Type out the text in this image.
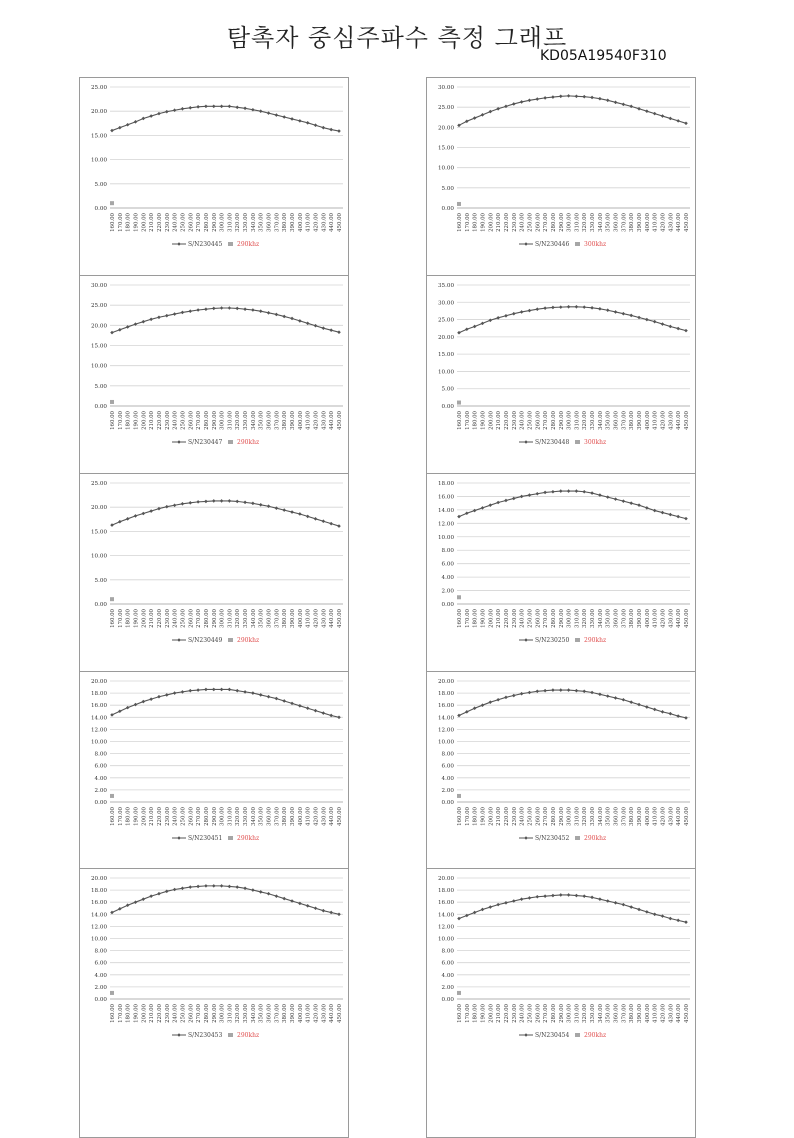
탐촉자 중심주파수 측정 그래프
KD05A19540F310
0.00
5.00
10.00
15.00
20.00
25.00
160.00 170.00 180.00 190.00 200.00 210.00 220.00 230.00 240.00 250.00 260.00 270.00 280.00 290.00 300.00 310.00 320.00 330.00 340.00 350.00 360.00 370.00 380.00 390.00 400.00 410.00 420.00 430.00 440.00 450.00
S/N230445 290khz
0.00
5.00
10.00
15.00
20.00
25.00
30.00
160.00 170.00 180.00 190.00 200.00 210.00 220.00 230.00 240.00 250.00 260.00 270.00 280.00 290.00 300.00 310.00 320.00 330.00 340.00 350.00 360.00 370.00 380.00 390.00 400.00 410.00 420.00 430.00 440.00 450.00
S/N230446 300khz
0.00
5.00
10.00
15.00
20.00
25.00
30.00
160.00 170.00 180.00 190.00 200.00 210.00 220.00 230.00 240.00 250.00 260.00 270.00 280.00 290.00 300.00 310.00 320.00 330.00 340.00 350.00 360.00 370.00 380.00 390.00 400.00 410.00 420.00 430.00 440.00 450.00
S/N230447 290khz
0.00
5.00
10.00
15.00
20.00
25.00
30.00
35.00
160.00 170.00 180.00 190.00 200.00 210.00 220.00 230.00 240.00 250.00 260.00 270.00 280.00 290.00 300.00 310.00 320.00 330.00 340.00 350.00 360.00 370.00 380.00 390.00 400.00 410.00 420.00 430.00 440.00 450.00
S/N230448 300khz
0.00
5.00
10.00
15.00
20.00
25.00
160.00 170.00 180.00 190.00 200.00 210.00 220.00 230.00 240.00 250.00 260.00 270.00 280.00 290.00 300.00 310.00 320.00 330.00 340.00 350.00 360.00 370.00 380.00 390.00 400.00 410.00 420.00 430.00 440.00 450.00
S/N230449 290khz
0.00
2.00
4.00
6.00
8.00
10.00
12.00
14.00
16.00
18.00
160.00 170.00 180.00 190.00 200.00 210.00 220.00 230.00 240.00 250.00 260.00 270.00 280.00 290.00 300.00 310.00 320.00 330.00 340.00 350.00 360.00 370.00 380.00 390.00 400.00 410.00 420.00 430.00 440.00 450.00
S/N230250 290khz
0.00
2.00
4.00
6.00
8.00
10.00
12.00
14.00
16.00
18.00
20.00
160.00 170.00 180.00 190.00 200.00 210.00 220.00 230.00 240.00 250.00 260.00 270.00 280.00 290.00 300.00 310.00 320.00 330.00 340.00 350.00 360.00 370.00 380.00 390.00 400.00 410.00 420.00 430.00 440.00 450.00
S/N230451 290khz
0.00
2.00
4.00
6.00
8.00
10.00
12.00
14.00
16.00
18.00
20.00
160.00 170.00 180.00 190.00 200.00 210.00 220.00 230.00 240.00 250.00 260.00 270.00 280.00 290.00 300.00 310.00 320.00 330.00 340.00 350.00 360.00 370.00 380.00 390.00 400.00 410.00 420.00 430.00 440.00 450.00
S/N230452 290khz
0.00
2.00
4.00
6.00
8.00
10.00
12.00
14.00
16.00
18.00
20.00
160.00 170.00 180.00 190.00 200.00 210.00 220.00 230.00 240.00 250.00 260.00 270.00 280.00 290.00 300.00 310.00 320.00 330.00 340.00 350.00 360.00 370.00 380.00 390.00 400.00 410.00 420.00 430.00 440.00 450.00
S/N230453 290khz
0.00
2.00
4.00
6.00
8.00
10.00
12.00
14.00
16.00
18.00
20.00
160.00 170.00 180.00 190.00 200.00 210.00 220.00 230.00 240.00 250.00 260.00 270.00 280.00 290.00 300.00 310.00 320.00 330.00 340.00 350.00 360.00 370.00 380.00 390.00 400.00 410.00 420.00 430.00 440.00 450.00
S/N230454 290khz
